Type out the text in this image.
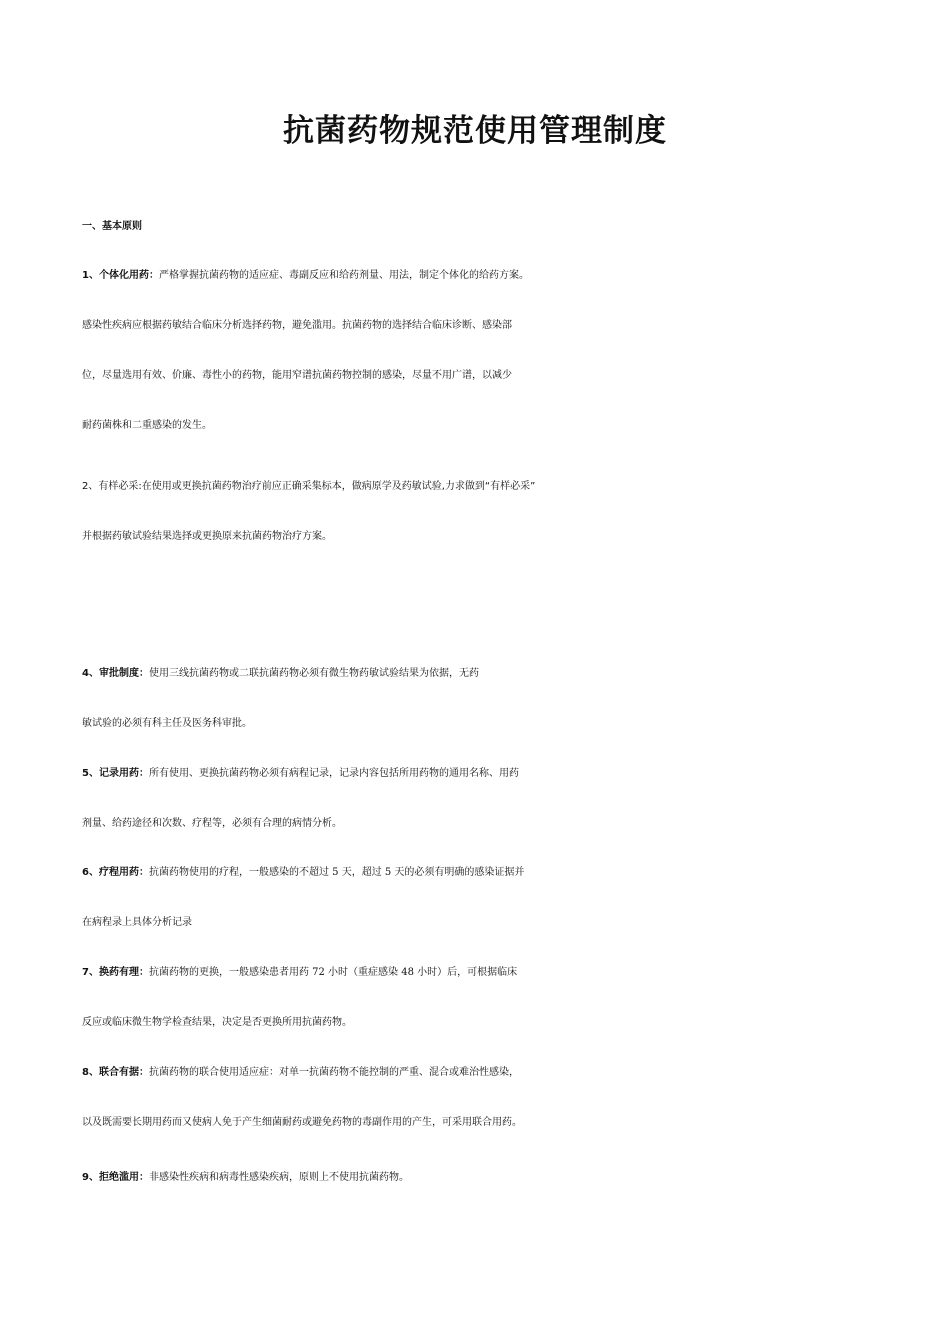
抗菌药物规范使用管理制度
一、基本原则
1、个体化用药：严格掌握抗菌药物的适应症、毒副反应和给药剂量、用法，制定个体化的给药方案。
感染性疾病应根据药敏结合临床分析选择药物，避免滥用。抗菌药物的选择结合临床诊断、感染部
位，尽量选用有效、价廉、毒性小的药物，能用窄谱抗菌药物控制的感染，尽量不用广谱，以减少
耐药菌株和二重感染的发生。
2、有样必采:在使用或更换抗菌药物治疗前应正确采集标本，做病原学及药敏试验,力求做到“有样必采”
并根据药敏试验结果选择或更换原来抗菌药物治疗方案。
4、审批制度：使用三线抗菌药物或二联抗菌药物必须有微生物药敏试验结果为依据，无药
敏试验的必须有科主任及医务科审批。
5、记录用药：所有使用、更换抗菌药物必须有病程记录，记录内容包括所用药物的通用名称、用药
剂量、给药途径和次数、疗程等，必须有合理的病情分析。
6、疗程用药：抗菌药物使用的疗程，一般感染的不超过 5 天，超过 5 天的必须有明确的感染证据并
在病程录上具体分析记录
7、换药有理：抗菌药物的更换，一般感染患者用药 72 小时（重症感染 48 小时）后，可根据临床
反应或临床微生物学检查结果，决定是否更换所用抗菌药物。
8、联合有据：抗菌药物的联合使用适应症：对单一抗菌药物不能控制的严重、混合或难治性感染，
以及既需要长期用药而又使病人免于产生细菌耐药或避免药物的毒副作用的产生，可采用联合用药。
9、拒绝滥用：非感染性疾病和病毒性感染疾病，原则上不使用抗菌药物。
